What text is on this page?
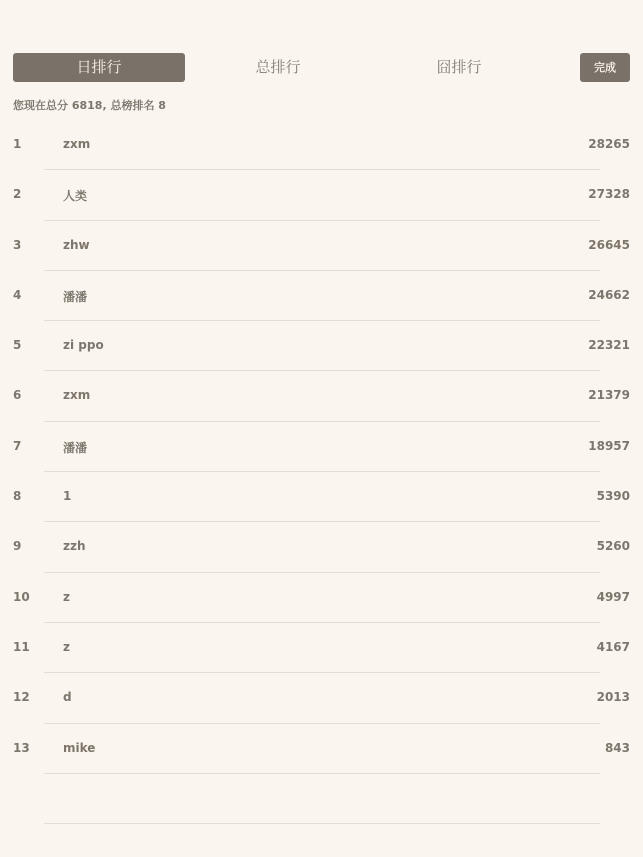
日排行	总排行	囧排行	完成
您现在总分 6818, 总榜排名 8
1	zxm	28265
2	人类	27328
3	zhw	26645
4	潘潘	24662
5	zi ppo	22321
6	zxm	21379
7	潘潘	18957
8	1	5390
9	zzh	5260
10	z	4997
11	z	4167
12	d	2013
13	mike	843
